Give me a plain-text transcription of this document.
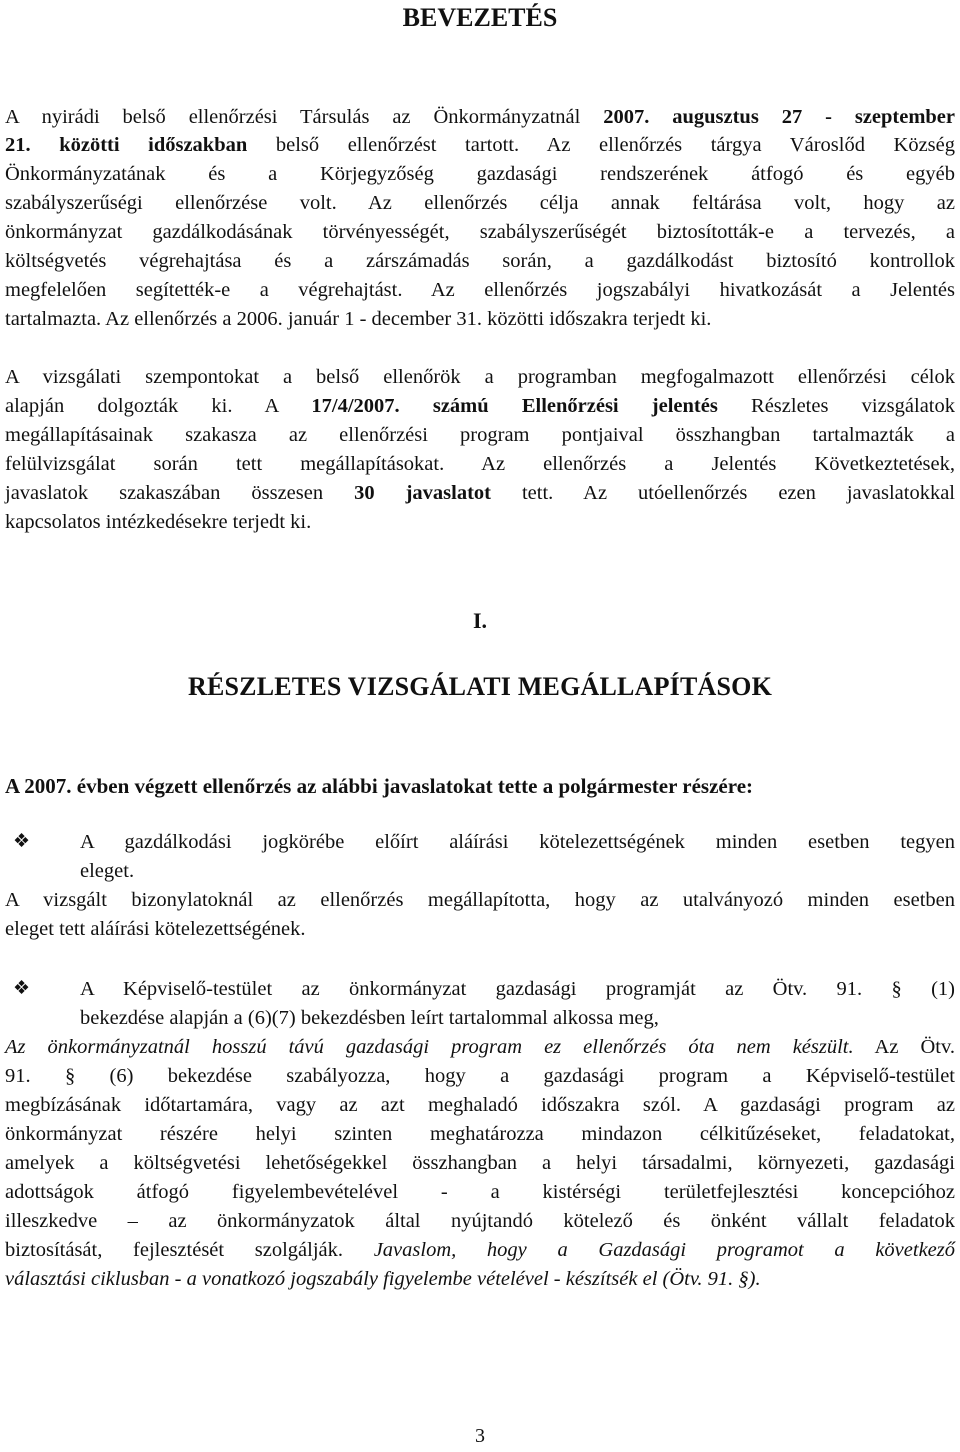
BEVEZETÉS
A nyirádi belső ellenőrzési Társulás az Önkormányzatnál 2007. augusztus 27 - szeptember
21. közötti időszakban belső ellenőrzést tartott. Az ellenőrzés tárgya Városlőd Község
Önkormányzatának és a Körjegyzőség gazdasági rendszerének átfogó és egyéb
szabályszerűségi ellenőrzése volt. Az ellenőrzés célja annak feltárása volt, hogy az
önkormányzat gazdálkodásának törvényességét, szabályszerűségét biztosították-e a tervezés, a
költségvetés végrehajtása és a zárszámadás során, a gazdálkodást biztosító kontrollok
megfelelően segítették-e a végrehajtást. Az ellenőrzés jogszabályi hivatkozását a Jelentés
tartalmazta. Az ellenőrzés a 2006. január 1 - december 31. közötti időszakra terjedt ki.
A vizsgálati szempontokat a belső ellenőrök a programban megfogalmazott ellenőrzési célok
alapján dolgozták ki. A 17/4/2007. számú Ellenőrzési jelentés Részletes vizsgálatok
megállapításainak szakasza az ellenőrzési program pontjaival összhangban tartalmazták a
felülvizsgálat során tett megállapításokat. Az ellenőrzés a Jelentés Következtetések,
javaslatok szakaszában összesen 30 javaslatot tett. Az utóellenőrzés ezen javaslatokkal
kapcsolatos intézkedésekre terjedt ki.
I.
RÉSZLETES VIZSGÁLATI MEGÁLLAPÍTÁSOK
A 2007. évben végzett ellenőrzés az alábbi javaslatokat tette a polgármester részére:
❖ A gazdálkodási jogkörébe előírt aláírási kötelezettségének minden esetben tegyen
eleget.
A vizsgált bizonylatoknál az ellenőrzés megállapította, hogy az utalványozó minden esetben
eleget tett aláírási kötelezettségének.
❖ A Képviselő-testület az önkormányzat gazdasági programját az Ötv. 91. § (1)
bekezdése alapján a (6)(7) bekezdésben leírt tartalommal alkossa meg,
Az önkormányzatnál hosszú távú gazdasági program ez ellenőrzés óta nem készült. Az Ötv.
91. § (6) bekezdése szabályozza, hogy a gazdasági program a Képviselő-testület
megbízásának időtartamára, vagy az azt meghaladó időszakra szól. A gazdasági program az
önkormányzat részére helyi szinten meghatározza mindazon célkitűzéseket, feladatokat,
amelyek a költségvetési lehetőségekkel összhangban a helyi társadalmi, környezeti, gazdasági
adottságok átfogó figyelembevételével - a kistérségi területfejlesztési koncepcióhoz
illeszkedve – az önkormányzatok által nyújtandó kötelező és önként vállalt feladatok
biztosítását, fejlesztését szolgálják. Javaslom, hogy a Gazdasági programot a következő
választási ciklusban - a vonatkozó jogszabály figyelembe vételével - készítsék el (Ötv. 91. §).
3
